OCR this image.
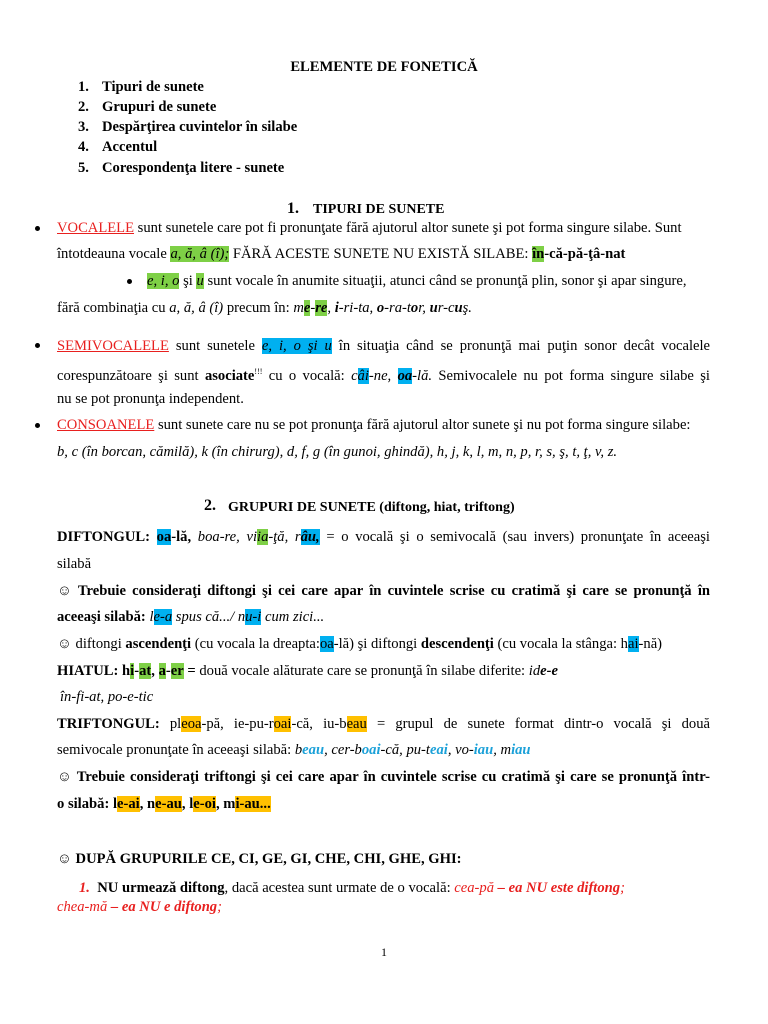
ELEMENTE DE FONETICĂ
1. Tipuri de sunete
2. Grupuri de sunete
3. Despărţirea cuvintelor în silabe
4. Accentul
5. Corespondenţa litere - sunete
1. TIPURI DE SUNETE
VOCALELE sunt sunetele care pot fi pronunţate fără ajutorul altor sunete şi pot forma singure silabe. Sunt
întotdeauna vocale a, ă, â (î); FĂRĂ ACESTE SUNETE NU EXISTĂ SILABE: în-că-pă-ţâ-nat
e, i, o şi u sunt vocale în anumite situaţii, atunci când se pronunţă plin, sonor şi apar singure,
fără combinaţia cu a, ă, â (î) precum în: me-re, i-ri-ta, o-ra-tor, ur-cuş.
SEMIVOCALELE sunt sunetele e, i, o şi u în situaţia când se pronunţă mai puţin sonor decât vocalele
corespunzătoare şi sunt asociate!!! cu o vocală: câi-ne, oa-lă. Semivocalele nu pot forma singure silabe şi
nu se pot pronunţa independent.
CONSOANELE sunt sunete care nu se pot pronunţa fără ajutorul altor sunete şi nu pot forma singure silabe:
b, c (în borcan, cămilă), k (în chirurg), d, f, g (în gunoi, ghindă), h, j, k, l, m, n, p, r, s, ş, t, ţ, v, z.
2. GRUPURI DE SUNETE (diftong, hiat, triftong)
DIFTONGUL: oa-lă, boa-re, viia-ţă, râu, = o vocală şi o semivocală (sau invers) pronunţate în aceeaşi
silabă
☺ Trebuie consideraţi diftongi şi cei care apar în cuvintele scrise cu cratimă şi care se pronunţă în
aceeaşi silabă: le-a spus că.../ nu-i cum zici...
☺ diftongi ascendenţi (cu vocala la dreapta:oa-lă) şi diftongi descendenţi (cu vocala la stânga: hai-nă)
HIATUL: hi-at, a-er = două vocale alăturate care se pronunţă în silabe diferite: ide-e
în-fi-at, po-e-tic
TRIFTONGUL: pleoa-pă, ie-pu-roai-că, iu-beau = grupul de sunete format dintr-o vocală şi două
semivocale pronunţate în aceeaşi silabă: beau, cer-boai-că, pu-teai, vo-iau, miau
☺ Trebuie consideraţi triftongi şi cei care apar în cuvintele scrise cu cratimă şi care se pronunţă într-
o silabă: le-ai, ne-au, le-oi, mi-au...
☺ DUPĂ GRUPURILE CE, CI, GE, GI, CHE, CHI, GHE, GHI:
1. NU urmează diftong, dacă acestea sunt urmate de o vocală: cea-pă – ea NU este diftong;
chea-mă – ea NU e diftong;
1
